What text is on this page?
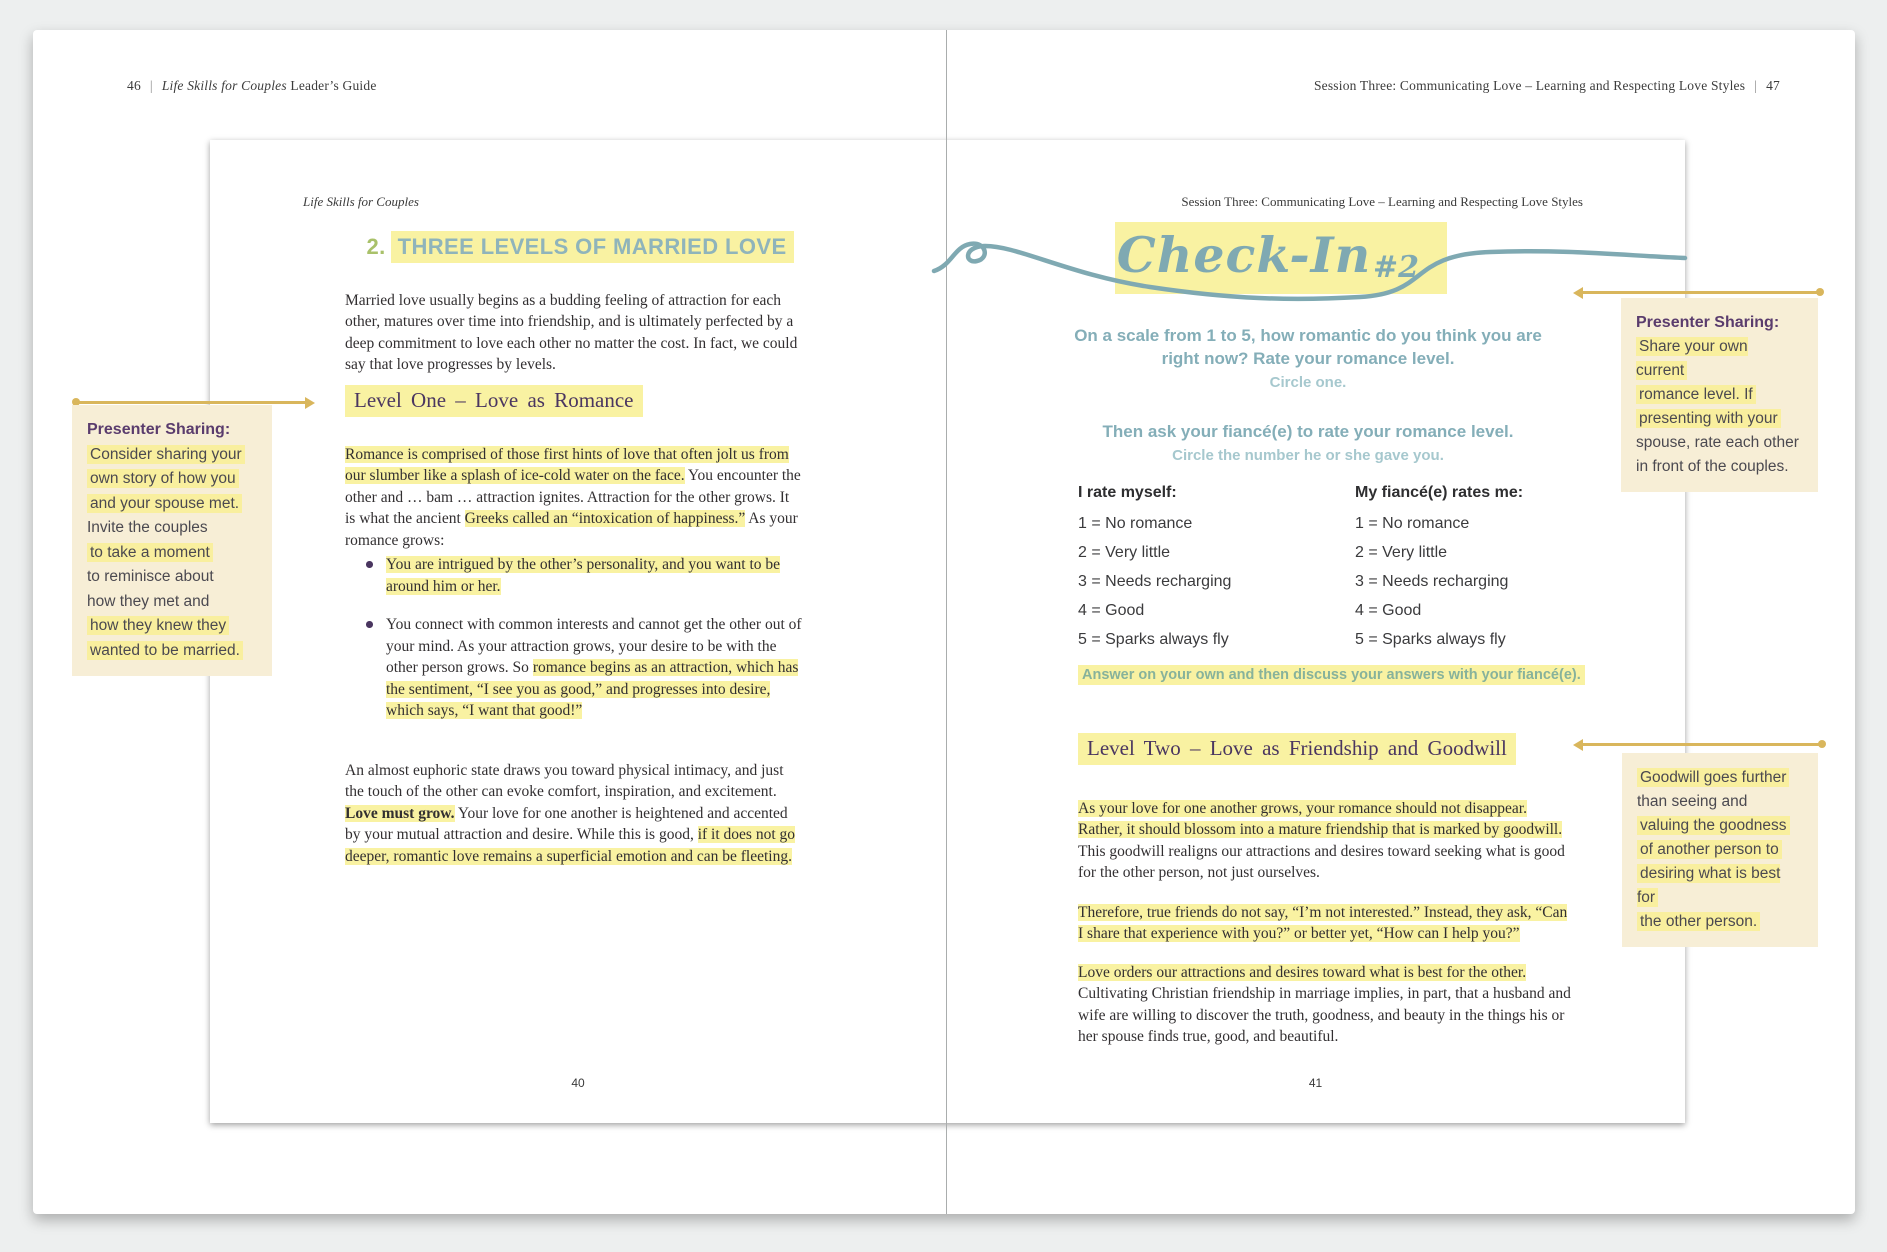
46 | Life Skills for Couples Leader’s Guide	Session Three: Communicating Love – Learning and Respecting Love Styles | 47
Life Skills for Couples
2. THREE LEVELS OF MARRIED LOVE

Married love usually begins as a budding feeling of attraction for each other, matures over time into friendship, and is ultimately perfected by a deep commitment to love each other no matter the cost. In fact, we could say that love progresses by levels.

Level One – Love as Romance

Romance is comprised of those first hints of love that often jolt us from our slumber like a splash of ice-cold water on the face. You encounter the other and … bam … attraction ignites. Attraction for the other grows. It is what the ancient Greeks called an “intoxication of happiness.” As your romance grows:

You are intrigued by the other’s personality, and you want to be around him or her.
You connect with common interests and cannot get the other out of your mind. As your attraction grows, your desire to be with the other person grows. So romance begins as an attraction, which has the sentiment, “I see you as good,” and progresses into desire, which says, “I want that good!”

An almost euphoric state draws you toward physical intimacy, and just the touch of the other can evoke comfort, inspiration, and excitement. Love must grow. Your love for one another is heightened and accented by your mutual attraction and desire. While this is good, if it does not go deeper, romantic love remains a superficial emotion and can be fleeting.

40
Session Three: Communicating Love – Learning and Respecting Love Styles
Check-In #2
On a scale from 1 to 5, how romantic do you think you are right now? Rate your romance level.
Circle one.
Then ask your fiancé(e) to rate your romance level.
Circle the number he or she gave you.
I rate myself:
1 = No romance
2 = Very little
3 = Needs recharging
4 = Good
5 = Sparks always fly
My fiancé(e) rates me:
1 = No romance
2 = Very little
3 = Needs recharging
4 = Good
5 = Sparks always fly
Answer on your own and then discuss your answers with your fiancé(e).
Level Two – Love as Friendship and Goodwill

As your love for one another grows, your romance should not disappear. Rather, it should blossom into a mature friendship that is marked by goodwill. This goodwill realigns our attractions and desires toward seeking what is good for the other person, not just ourselves.

Therefore, true friends do not say, “I’m not interested.” Instead, they ask, “Can I share that experience with you?” or better yet, “How can I help you?”

Love orders our attractions and desires toward what is best for the other. Cultivating Christian friendship in marriage implies, in part, that a husband and wife are willing to discover the truth, goodness, and beauty in the things his or her spouse finds true, good, and beautiful.

41
Presenter Sharing:
Consider sharing your
own story of how you
and your spouse met.
Invite the couples
to take a moment
to reminisce about
how they met and
how they knew they
wanted to be married.
Presenter Sharing:
Share your own current
romance level. If
presenting with your
spouse, rate each other
in front of the couples.
Goodwill goes further
than seeing and
valuing the goodness
of another person to
desiring what is best for
the other person.
